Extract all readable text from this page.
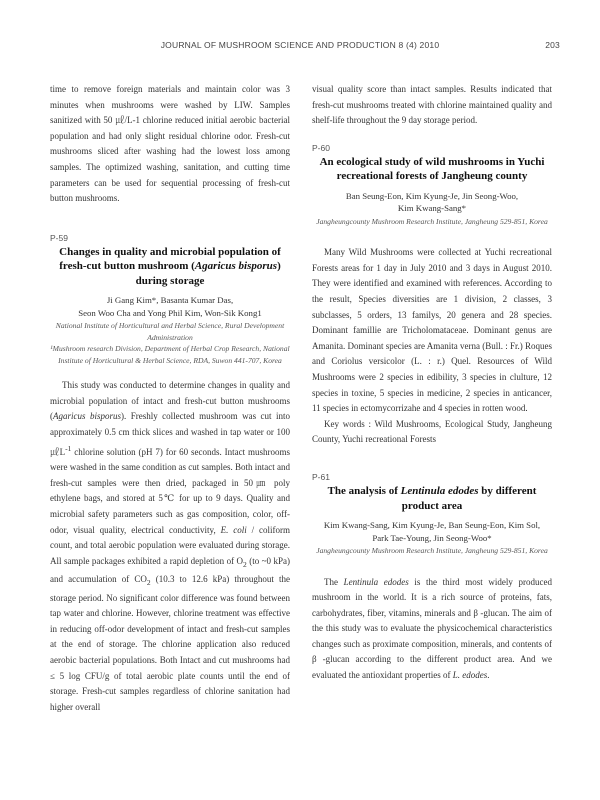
JOURNAL OF MUSHROOM SCIENCE AND PRODUCTION 8 (4) 2010	203

time to remove foreign materials and maintain color was 3 minutes when mushrooms were washed by LIW. Samples sanitized with 50 ㎕/L-1 chlorine reduced initial aerobic bacterial population and had only slight residual chlorine odor. Fresh-cut mushrooms sliced after washing had the lowest loss among samples. The optimized washing, sanitation, and cutting time parameters can be used for sequential processing of fresh-cut button mushrooms.

P-59

Changes in quality and microbial population of fresh-cut button mushroom (Agaricus bisporus) during storage

Ji Gang Kim*, Basanta Kumar Das,
Seon Woo Cha and Yong Phil Kim, Won-Sik Kong1

National Institute of Horticultural and Herbal Science, Rural Development Administration
¹Mushroom research Division, Department of Herbal Crop Research, National Institute of Horticultural & Herbal Science, RDA, Suwon 441-707, Korea

This study was conducted to determine changes in quality and microbial population of intact and fresh-cut button mushrooms (Agaricus bisporus). Freshly collected mushroom was cut into approximately 0.5 cm thick slices and washed in tap water or 100 $㎕L^{-1}$ chlorine solution (pH 7) for 60 seconds. Intact mushrooms were washed in the same condition as cut samples. Both intact and fresh-cut samples were then dried, packaged in 50㎛ poly ethylene bags, and stored at 5℃ for up to 9 days. Quality and microbial safety parameters such as gas composition, color, off-odor, visual quality, electrical conductivity, E. coli / coliform count, and total aerobic population were evaluated during storage. All sample packages exhibited a rapid depletion of $O_2$ (to ~0 kPa) and accumulation of $CO_2$ (10.3 to 12.6 kPa) throughout the storage period. No significant color difference was found between tap water and chlorine. However, chlorine treatment was effective in reducing off-odor development of intact and fresh-cut samples at the end of storage. The chlorine application also reduced aerobic bacterial populations. Both Intact and cut mushrooms had ≤ 5 log CFU/g of total aerobic plate counts until the end of storage. Fresh-cut samples regardless of chlorine sanitation had higher overall

visual quality score than intact samples. Results indicated that fresh-cut mushrooms treated with chlorine maintained quality and shelf-life throughout the 9 day storage period.

P-60

An ecological study of wild mushrooms in Yuchi recreational forests of Jangheung county

Ban Seung-Eon, Kim Kyung-Je, Jin Seong-Woo,
Kim Kwang-Sang*

Jangheungcounty Mushroom Research Institute, Jangheung 529-851, Korea

Many Wild Mushrooms were collected at Yuchi recreational Forests areas for 1 day in July 2010 and 3 days in August 2010. They were identified and examined with references. According to the result, Species diversities are 1 division, 2 classes, 3 subclasses, 5 orders, 13 familys, 20 genera and 28 species. Dominant famillie are Tricholomataceae. Dominant genus are Amanita. Dominant species are Amanita verna (Bull. : Fr.) Roques and Coriolus versicolor (L. : r.) Quel. Resources of Wild Mushrooms were 2 species in edibility, 3 species in clulture, 12 species in toxine, 5 species in medicine, 2 species in anticancer, 11 species in ectomycorrizahe and 4 species in rotten wood.

Key words : Wild Mushrooms, Ecological Study, Jangheung County, Yuchi recreational Forests

P-61

The analysis of Lentinula edodes by different product area

Kim Kwang-Sang, Kim Kyung-Je, Ban Seung-Eon, Kim Sol,
Park Tae-Young, Jin Seong-Woo*

Jangheungcounty Mushroom Research Institute, Jangheung 529-851, Korea

The Lentinula edodes is the third most widely produced mushroom in the world. It is a rich source of proteins, fats, carbohydrates, fiber, vitamins, minerals and β -glucan. The aim of the this study was to evaluate the physicochemical characteristics changes such as proximate composition, minerals, and contents of β -glucan according to the different product area. And we evaluated the antioxidant properties of L. edodes.
